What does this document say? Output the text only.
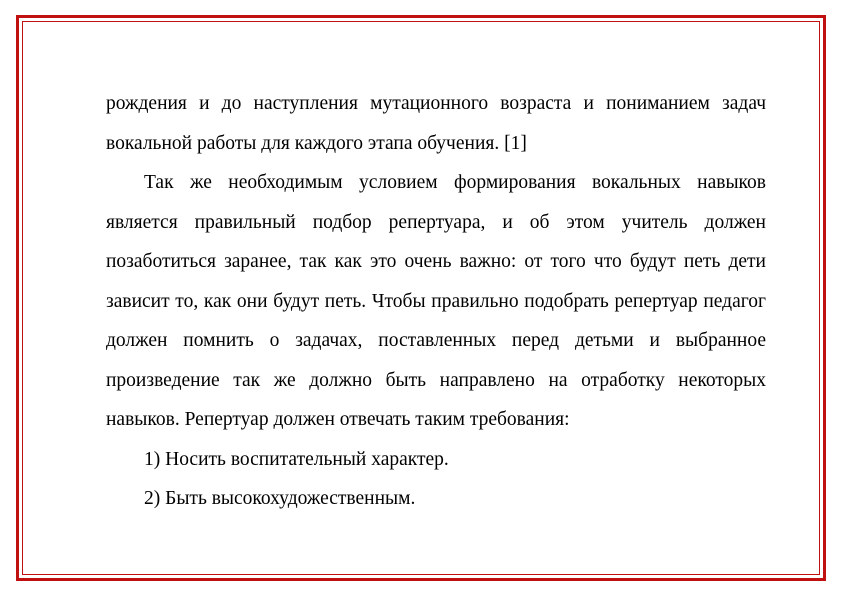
рождения и до наступления мутационного возраста и пониманием задач вокальной работы для каждого этапа обучения. [1]

Так же необходимым условием формирования вокальных навыков является правильный подбор репертуара, и об этом учитель должен позаботиться заранее, так как это очень важно: от того что будут петь дети зависит то, как они будут петь. Чтобы правильно подобрать репертуар педагог должен помнить о задачах, поставленных перед детьми и выбранное произведение так же должно быть направлено на отработку некоторых навыков. Репертуар должен отвечать таким требования:

1) Носить воспитательный характер.

2) Быть высокохудожественным.
